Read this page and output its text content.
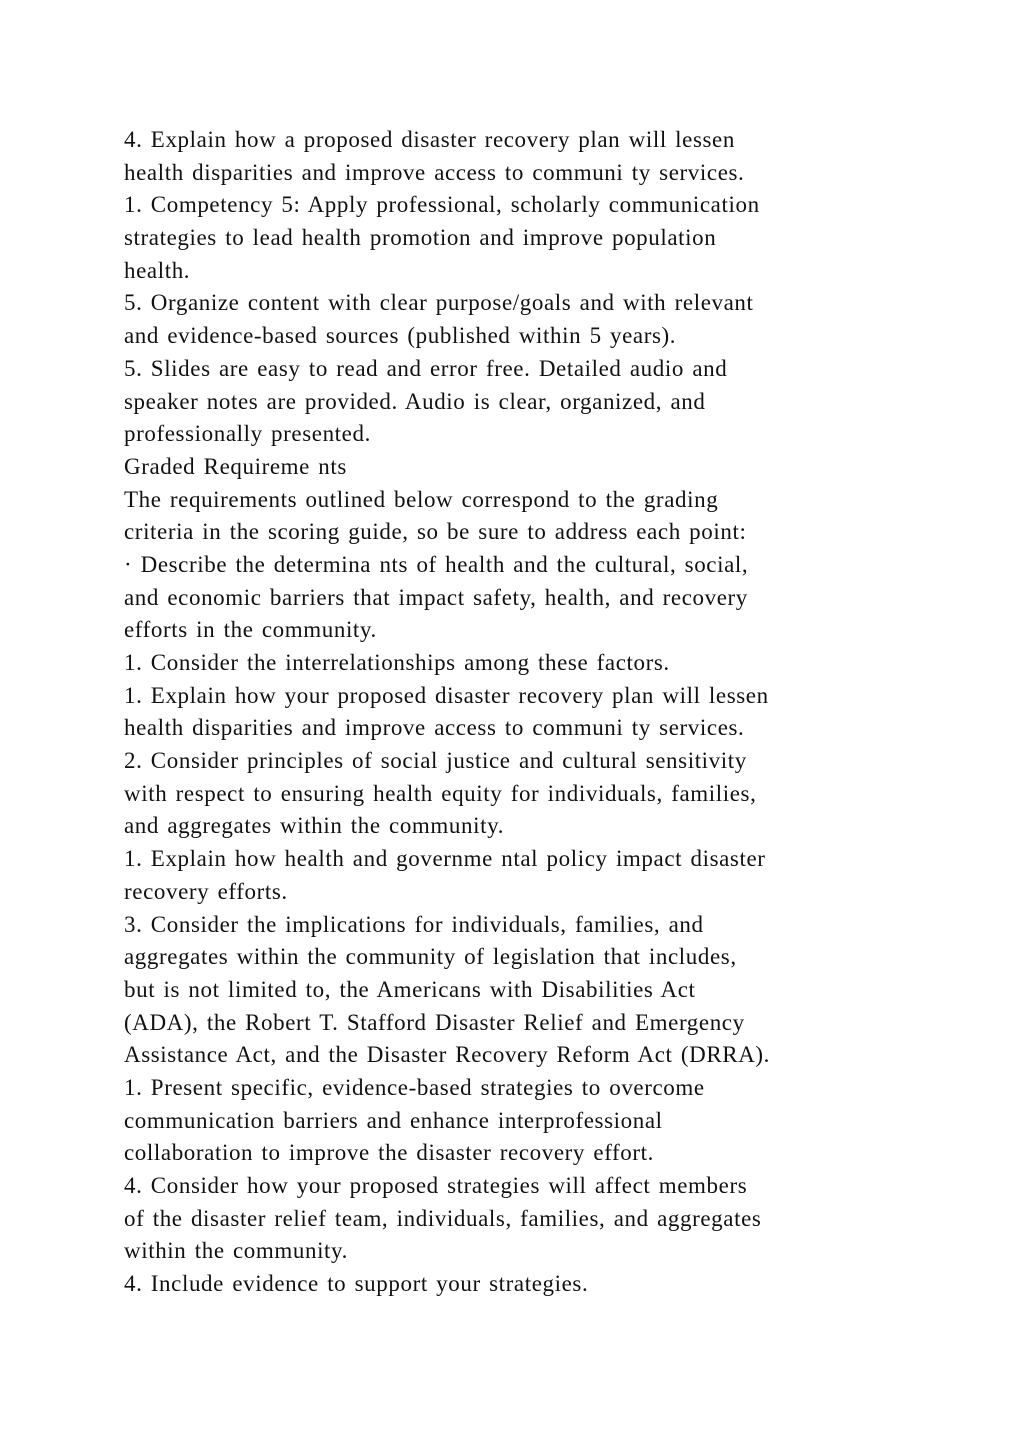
4. Explain how a proposed disaster recovery plan will lessen
health disparities and improve access to communi ty services.
1. Competency 5: Apply professional, scholarly communication
strategies to lead health promotion and improve population
health.
5. Organize content with clear purpose/goals and with relevant
and evidence-based sources (published within 5 years).
5. Slides are easy to read and error free. Detailed audio and
speaker notes are provided. Audio is clear, organized, and
professionally presented.
Graded Requireme nts
The requirements outlined below correspond to the grading
criteria in the scoring guide, so be sure to address each point:
· Describe the determina nts of health and the cultural, social,
and economic barriers that impact safety, health, and recovery
efforts in the community.
1. Consider the interrelationships among these factors.
1. Explain how your proposed disaster recovery plan will lessen
health disparities and improve access to communi ty services.
2. Consider principles of social justice and cultural sensitivity
with respect to ensuring health equity for individuals, families,
and aggregates within the community.
1. Explain how health and governme ntal policy impact disaster
recovery efforts.
3. Consider the implications for individuals, families, and
aggregates within the community of legislation that includes,
but is not limited to, the Americans with Disabilities Act
(ADA), the Robert T. Stafford Disaster Relief and Emergency
Assistance Act, and the Disaster Recovery Reform Act (DRRA).
1. Present specific, evidence-based strategies to overcome
communication barriers and enhance interprofessional
collaboration to improve the disaster recovery effort.
4. Consider how your proposed strategies will affect members
of the disaster relief team, individuals, families, and aggregates
within the community.
4. Include evidence to support your strategies.
